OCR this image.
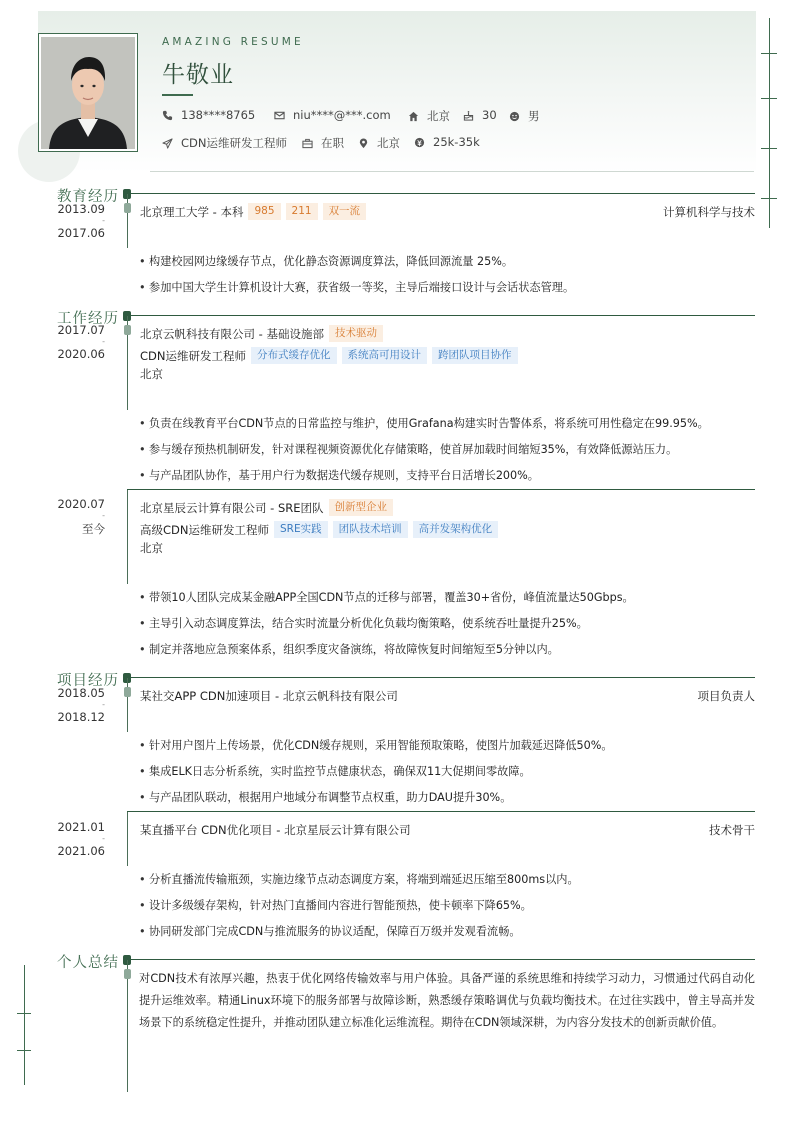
AMAZING RESUME
牛敬业
138****8765	niu****@***.com	北京	30	男
CDN运维研发工程师	在职	北京	25k-35k
教育经历
2013.09
-
2017.06
北京理工大学 - 本科	985	211	双一流	计算机科学与技术
• 构建校园网边缘缓存节点，优化静态资源调度算法，降低回源流量 25%。
• 参加中国大学生计算机设计大赛，获省级一等奖，主导后端接口设计与会话状态管理。
工作经历
2017.07
-
2020.06
北京云帆科技有限公司 - 基础设施部	技术驱动
CDN运维研发工程师	分布式缓存优化	系统高可用设计	跨团队项目协作
北京
• 负责在线教育平台CDN节点的日常监控与维护，使用Grafana构建实时告警体系，将系统可用性稳定在99.95%。
• 参与缓存预热机制研发，针对课程视频资源优化存储策略，使首屏加载时间缩短35%，有效降低源站压力。
• 与产品团队协作，基于用户行为数据迭代缓存规则，支持平台日活增长200%。
2020.07
-
至今
北京星辰云计算有限公司 - SRE团队	创新型企业
高级CDN运维研发工程师	SRE实践	团队技术培训	高并发架构优化
北京
• 带领10人团队完成某金融APP全国CDN节点的迁移与部署，覆盖30+省份，峰值流量达50Gbps。
• 主导引入动态调度算法，结合实时流量分析优化负载均衡策略，使系统吞吐量提升25%。
• 制定并落地应急预案体系，组织季度灾备演练，将故障恢复时间缩短至5分钟以内。
项目经历
2018.05
-
2018.12
某社交APP CDN加速项目 - 北京云帆科技有限公司	项目负责人
• 针对用户图片上传场景，优化CDN缓存规则，采用智能预取策略，使图片加载延迟降低50%。
• 集成ELK日志分析系统，实时监控节点健康状态，确保双11大促期间零故障。
• 与产品团队联动，根据用户地域分布调整节点权重，助力DAU提升30%。
2021.01
-
2021.06
某直播平台 CDN优化项目 - 北京星辰云计算有限公司	技术骨干
• 分析直播流传输瓶颈，实施边缘节点动态调度方案，将端到端延迟压缩至800ms以内。
• 设计多级缓存架构，针对热门直播间内容进行智能预热，使卡顿率下降65%。
• 协同研发部门完成CDN与推流服务的协议适配，保障百万级并发观看流畅。
个人总结
对CDN技术有浓厚兴趣，热衷于优化网络传输效率与用户体验。具备严谨的系统思维和持续学习动力，习惯通过代码自动化提升运维效率。精通Linux环境下的服务部署与故障诊断，熟悉缓存策略调优与负载均衡技术。在过往实践中，曾主导高并发场景下的系统稳定性提升，并推动团队建立标准化运维流程。期待在CDN领域深耕，为内容分发技术的创新贡献价值。
